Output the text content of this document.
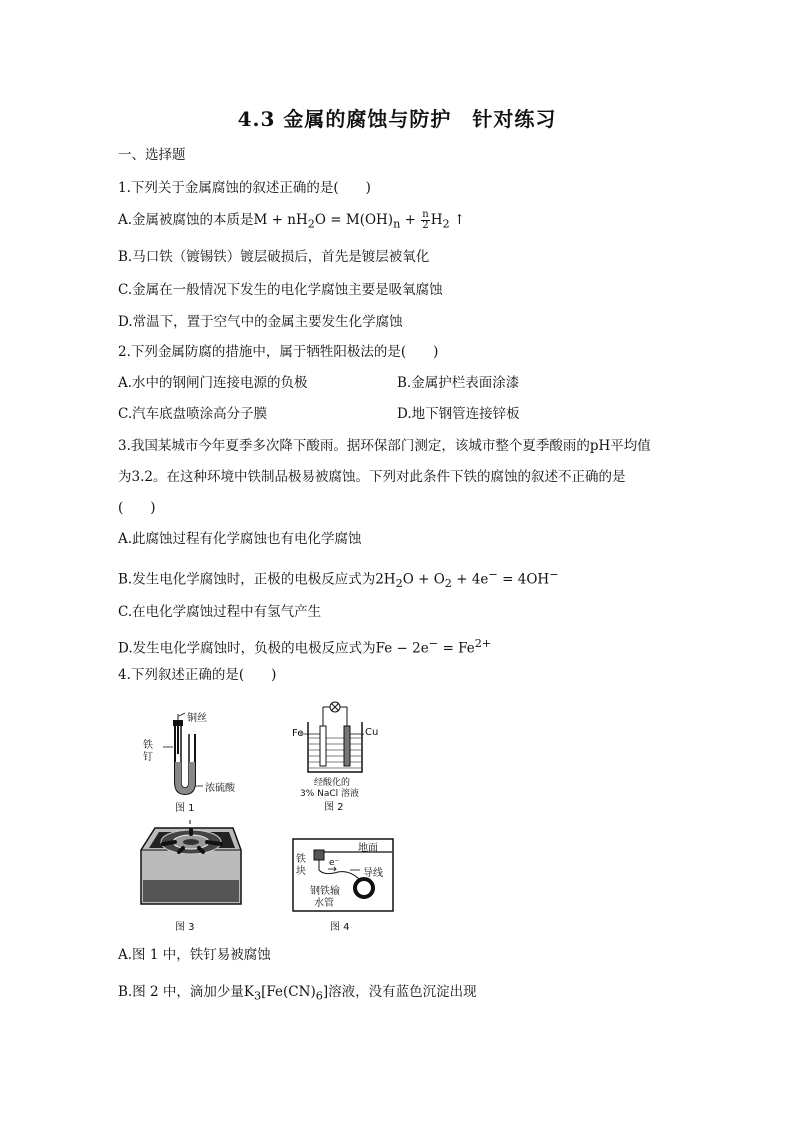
4.3 金属的腐蚀与防护　针对练习
一、选择题
1.下列关于金属腐蚀的叙述正确的是(　　)
A.金属被腐蚀的本质是$M + nH_2O = M(OH)_n + \frac{n}{2} H_2$ ↑
B.马口铁（镀锡铁）镀层破损后，首先是镀层被氧化
C.金属在一般情况下发生的电化学腐蚀主要是吸氧腐蚀
D.常温下，置于空气中的金属主要发生化学腐蚀
2.下列金属防腐的措施中，属于牺牲阳极法的是(　　)
A.水中的钢闸门连接电源的负极	B.金属护栏表面涂漆
C.汽车底盘喷涂高分子膜	D.地下钢管连接锌板
3.我国某城市今年夏季多次降下酸雨。据环保部门测定，该城市整个夏季酸雨的pH平均值
为3.2。在这种环境中铁制品极易被腐蚀。下列对此条件下铁的腐蚀的叙述不正确的是
(　　)
A.此腐蚀过程有化学腐蚀也有电化学腐蚀
B.发生电化学腐蚀时，正极的电极反应式为$2H_2O + O_2 + 4e^- = 4OH^-$
C.在电化学腐蚀过程中有氢气产生
D.发生电化学腐蚀时，负极的电极反应式为$Fe - 2e^- = Fe^{2+}$
4.下列叙述正确的是(　　)
铜丝
铁
钉
浓硫酸
图 1
Fe	Cu
经酸化的
3% NaCl 溶液
图 2
图 3
铁
块
e⁻
地面
导线
钢铁输
水管
图 4
A.图 1 中，铁钉易被腐蚀
B.图 2 中，滴加少量$K_3[Fe(CN)_6]$溶液，没有蓝色沉淀出现
